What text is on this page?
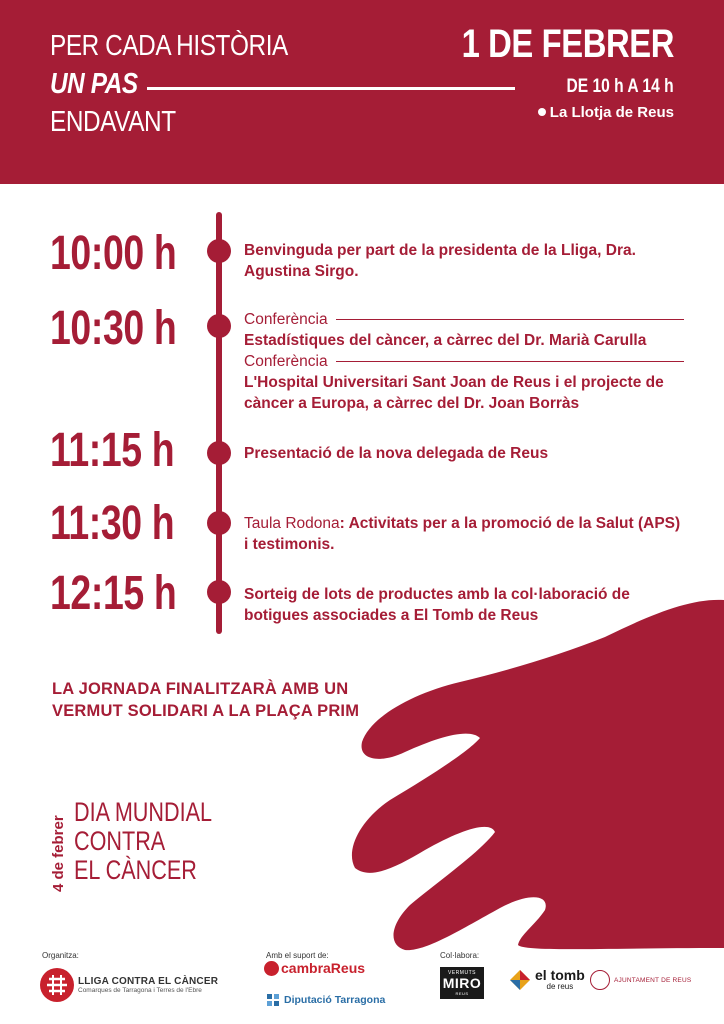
PER CADA HISTÒRIA
UN PAS
ENDAVANT
1 DE FEBRER
DE 10 h A 14 h
La Llotja de Reus
10:00 h
10:30 h
11:15 h
11:30 h
12:15 h
Benvinguda per part de la presidenta de la Lliga, Dra. Agustina Sirgo.
Conferència
Estadístiques del càncer, a càrrec del Dr. Marià Carulla
Conferència
L'Hospital Universitari Sant Joan de Reus i el projecte de càncer a Europa, a càrrec del Dr. Joan Borràs
Presentació de la nova delegada de Reus
Taula Rodona: Activitats per a la promoció de la Salut (APS) i testimonis.
Sorteig de lots de productes amb la col·laboració de botigues associades a El Tomb de Reus
LA JORNADA FINALITZARÀ AMB UN
VERMUT SOLIDARI A LA PLAÇA PRIM
4 de febrer
DIA MUNDIAL
CONTRA
EL CÀNCER
Organitza:	Amb el suport de:	Col·labora:
LLIGA CONTRA EL CÀNCER
Comarques de Tarragona i Terres de l'Ebre
cambraReus
Diputació Tarragona
VERMUTS
MIRO
REUS
el tomb
de reus
AJUNTAMENT DE REUS
